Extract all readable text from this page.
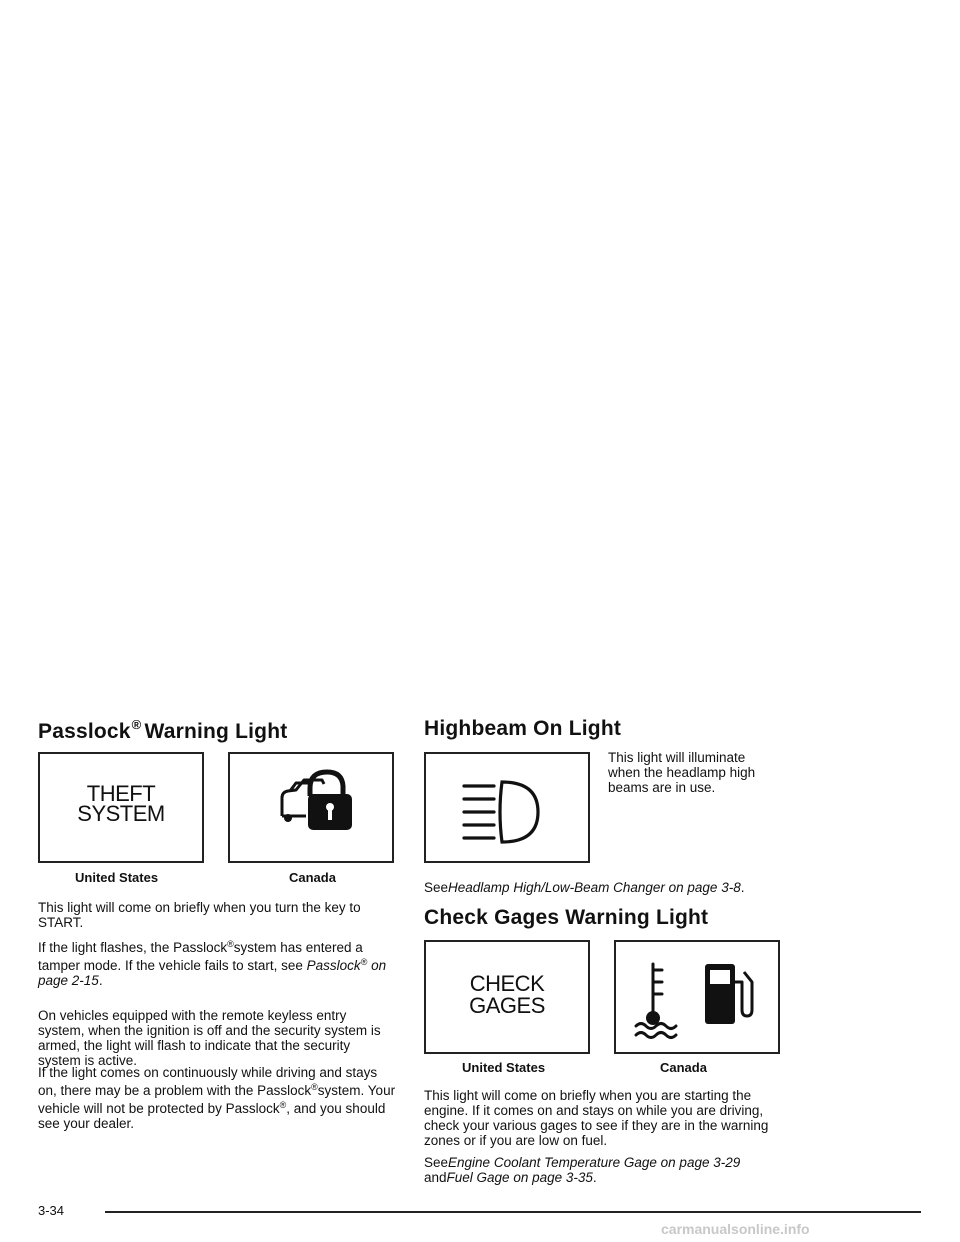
Passlock® Warning Light
THEFT
SYSTEM
United States	Canada

This light will come on briefly when you turn the key to START.

If the light flashes, the Passlock®system has entered a tamper mode. If the vehicle fails to start, see Passlock® on page 2-15.

On vehicles equipped with the remote keyless entry system, when the ignition is off and the security system is armed, the light will flash to indicate that the security system is active.

If the light comes on continuously while driving and stays on, there may be a problem with the Passlock®system. Your vehicle will not be protected by Passlock®, and you should see your dealer.

Highbeam On Light

This light will illuminate when the headlamp high beams are in use.

SeeHeadlamp High/Low-Beam Changer on page 3-8.

Check Gages Warning Light
CHECK
GAGES
United States	Canada

This light will come on briefly when you are starting the engine. If it comes on and stays on while you are driving, check your various gages to see if they are in the warning zones or if you are low on fuel.

SeeEngine Coolant Temperature Gage on page 3-29
andFuel Gage on page 3-35.

3-34
carmanualsonline.info
